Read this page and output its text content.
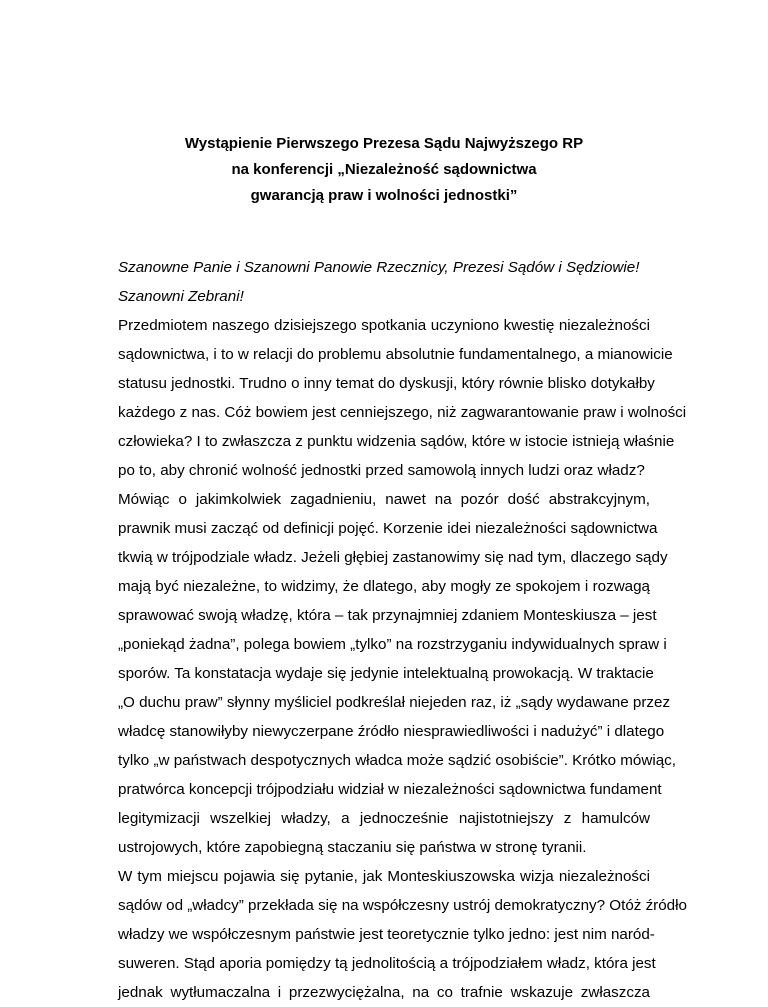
Wystąpienie Pierwszego Prezesa Sądu Najwyższego RP
na konferencji „Niezależność sądownictwa
gwarancją praw i wolności jednostki”

Szanowne Panie i Szanowni Panowie Rzecznicy, Prezesi Sądów i Sędziowie!

Szanowni Zebrani!

Przedmiotem naszego dzisiejszego spotkania uczyniono kwestię niezależności
sądownictwa, i to w relacji do problemu absolutnie fundamentalnego, a mianowicie
statusu jednostki. Trudno o inny temat do dyskusji, który równie blisko dotykałby
każdego z nas. Cóż bowiem jest cenniejszego, niż zagwarantowanie praw i wolności
człowieka? I to zwłaszcza z punktu widzenia sądów, które w istocie istnieją właśnie
po to, aby chronić wolność jednostki przed samowolą innych ludzi oraz władz?
Mówiąc o jakimkolwiek zagadnieniu, nawet na pozór dość abstrakcyjnym,
prawnik musi zacząć od definicji pojęć. Korzenie idei niezależności sądownictwa
tkwią w trójpodziale władz. Jeżeli głębiej zastanowimy się nad tym, dlaczego sądy
mają być niezależne, to widzimy, że dlatego, aby mogły ze spokojem i rozwagą
sprawować swoją władzę, która – tak przynajmniej zdaniem Monteskiusza – jest
„poniekąd żadna”, polega bowiem „tylko” na rozstrzyganiu indywidualnych spraw i
sporów. Ta konstatacja wydaje się jedynie intelektualną prowokacją. W traktacie
„O duchu praw” słynny myśliciel podkreślał niejeden raz, iż „sądy wydawane przez
władcę stanowiłyby niewyczerpane źródło niesprawiedliwości i nadużyć” i dlatego
tylko „w państwach despotycznych władca może sądzić osobiście”. Krótko mówiąc,
pratwórca koncepcji trójpodziału widział w niezależności sądownictwa fundament
legitymizacji wszelkiej władzy, a jednocześnie najistotniejszy z hamulców
ustrojowych, które zapobiegną staczaniu się państwa w stronę tyranii.
W tym miejscu pojawia się pytanie, jak Monteskiuszowska wizja niezależności
sądów od „władcy” przekłada się na współczesny ustrój demokratyczny? Otóż źródło
władzy we współczesnym państwie jest teoretycznie tylko jedno: jest nim naród-
suweren. Stąd aporia pomiędzy tą jednolitością a trójpodziałem władz, która jest
jednak wytłumaczalna i przezwyciężalna, na co trafnie wskazuje zwłaszcza
